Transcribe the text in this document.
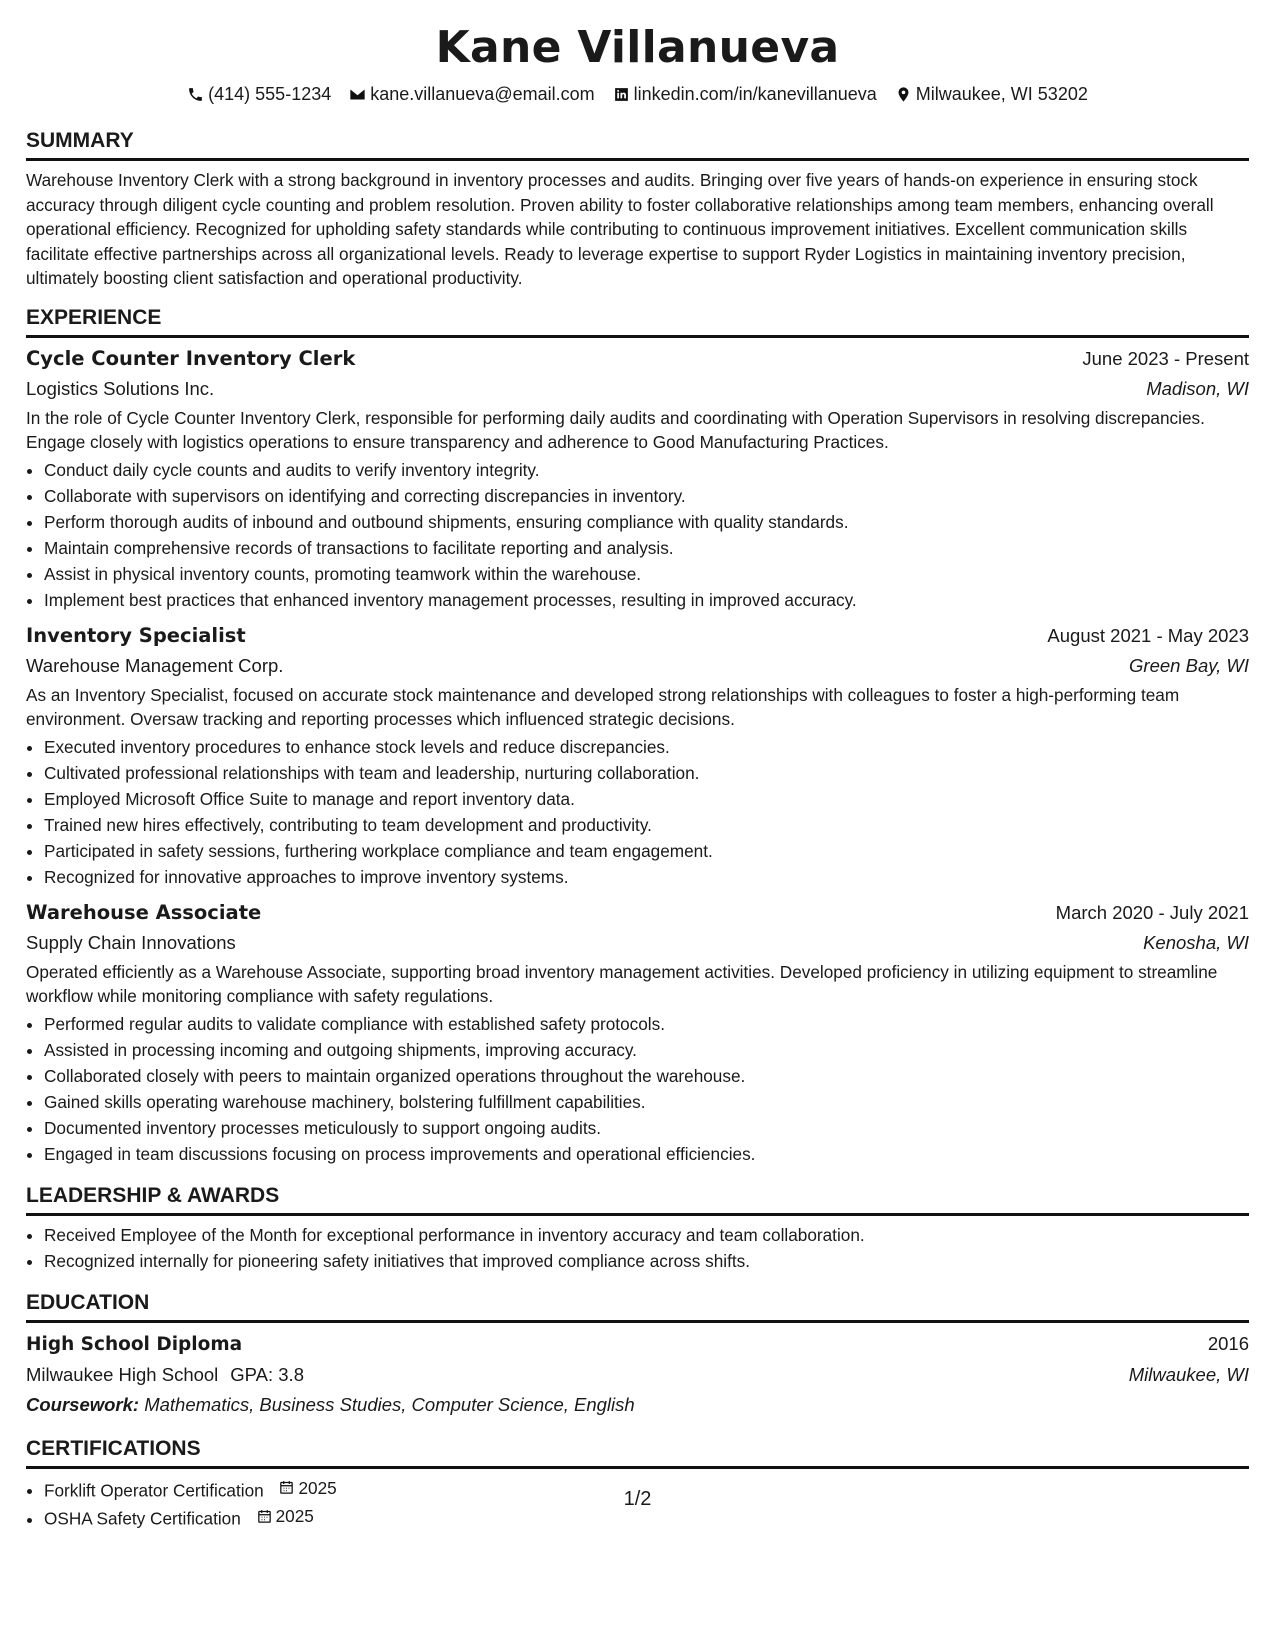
Kane Villanueva
(414) 555-1234 kane.villanueva@email.com linkedin.com/in/kanevillanueva Milwaukee, WI 53202
SUMMARY

Warehouse Inventory Clerk with a strong background in inventory processes and audits. Bringing over five years of hands-on experience in ensuring stock accuracy through diligent cycle counting and problem resolution. Proven ability to foster collaborative relationships among team members, enhancing overall operational efficiency. Recognized for upholding safety standards while contributing to continuous improvement initiatives. Excellent communication skills facilitate effective partnerships across all organizational levels. Ready to leverage expertise to support Ryder Logistics in maintaining inventory precision, ultimately boosting client satisfaction and operational productivity.

EXPERIENCE
Cycle Counter Inventory Clerk	June 2023 - Present
Logistics Solutions Inc.	Madison, WI

In the role of Cycle Counter Inventory Clerk, responsible for performing daily audits and coordinating with Operation Supervisors in resolving discrepancies. Engage closely with logistics operations to ensure transparency and adherence to Good Manufacturing Practices.

• Conduct daily cycle counts and audits to verify inventory integrity.
• Collaborate with supervisors on identifying and correcting discrepancies in inventory.
• Perform thorough audits of inbound and outbound shipments, ensuring compliance with quality standards.
• Maintain comprehensive records of transactions to facilitate reporting and analysis.
• Assist in physical inventory counts, promoting teamwork within the warehouse.
• Implement best practices that enhanced inventory management processes, resulting in improved accuracy.
Inventory Specialist	August 2021 - May 2023
Warehouse Management Corp.	Green Bay, WI

As an Inventory Specialist, focused on accurate stock maintenance and developed strong relationships with colleagues to foster a high-performing team environment. Oversaw tracking and reporting processes which influenced strategic decisions.

• Executed inventory procedures to enhance stock levels and reduce discrepancies.
• Cultivated professional relationships with team and leadership, nurturing collaboration.
• Employed Microsoft Office Suite to manage and report inventory data.
• Trained new hires effectively, contributing to team development and productivity.
• Participated in safety sessions, furthering workplace compliance and team engagement.
• Recognized for innovative approaches to improve inventory systems.
Warehouse Associate	March 2020 - July 2021
Supply Chain Innovations	Kenosha, WI

Operated efficiently as a Warehouse Associate, supporting broad inventory management activities. Developed proficiency in utilizing equipment to streamline workflow while monitoring compliance with safety regulations.

• Performed regular audits to validate compliance with established safety protocols.
• Assisted in processing incoming and outgoing shipments, improving accuracy.
• Collaborated closely with peers to maintain organized operations throughout the warehouse.
• Gained skills operating warehouse machinery, bolstering fulfillment capabilities.
• Documented inventory processes meticulously to support ongoing audits.
• Engaged in team discussions focusing on process improvements and operational efficiencies.
LEADERSHIP & AWARDS
• Received Employee of the Month for exceptional performance in inventory accuracy and team collaboration.
• Recognized internally for pioneering safety initiatives that improved compliance across shifts.
EDUCATION
High School Diploma	2016
Milwaukee High School GPA: 3.8	Milwaukee, WI
Coursework: Mathematics, Business Studies, Computer Science, English
CERTIFICATIONS
• Forklift Operator Certification 2025
• OSHA Safety Certification 2025
1/2
